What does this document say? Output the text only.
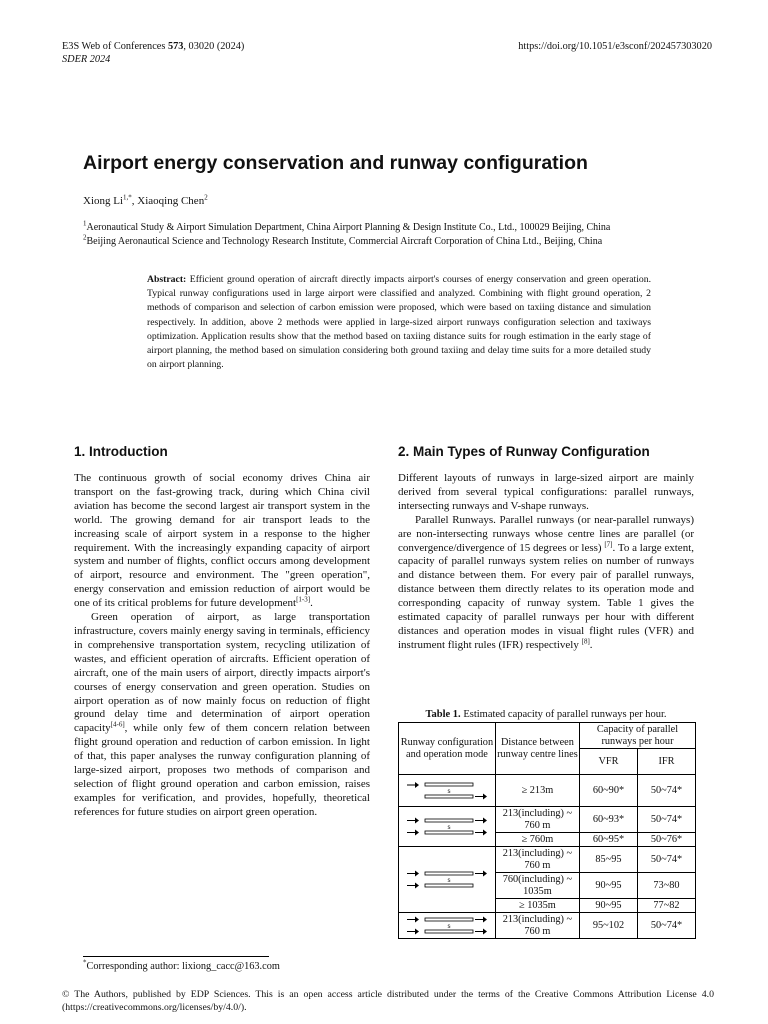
E3S Web of Conferences 573, 03020 (2024)
SDER 2024
https://doi.org/10.1051/e3sconf/202457303020
Airport energy conservation and runway configuration
Xiong $Li^{1,*}$, Xiaoqing Chen$^2$
$^1$Aeronautical Study & Airport Simulation Department, China Airport Planning & Design Institute Co., Ltd., 100029 Beijing, China
$^2$Beijing Aeronautical Science and Technology Research Institute, Commercial Aircraft Corporation of China Ltd., Beijing, China
Abstract: Efficient ground operation of aircraft directly impacts airport's courses of energy conservation and green operation. Typical runway configurations used in large airport were classified and analyzed. Combining with flight ground operation, 2 methods of comparison and selection of carbon emission were proposed, which were based on taxiing distance and simulation respectively. In addition, above 2 methods were applied in large-sized airport runways configuration selection and taxiways optimization. Application results show that the method based on taxiing distance suits for rough estimation in the early stage of airport planning, the method based on simulation considering both ground taxiing and delay time suits for a more detailed study on airport planning.
1. Introduction	2. Main Types of Runway Configuration

The continuous growth of social economy drives China air transport on the fast-growing track, during which China civil aviation has become the second largest air transport system in the world. The growing demand for air transport leads to the increasing scale of airport system in a response to the higher requirement. With the increasingly expanding capacity of airport system and number of flights, conflict occurs among development of airport, resource and environment. The "green operation", energy conservation and emission reduction of airport would be one of its critical problems for future development[1-3].

Green operation of airport, as large transportation infrastructure, covers mainly energy saving in terminals, efficiency in comprehensive transportation system, recycling utilization of wastes, and efficient operation of aircrafts. Efficient operation of aircraft, one of the main users of airport, directly impacts airport's courses of energy conservation and green operation. Studies on airport operation as of now mainly focus on reduction of flight ground delay time and determination of airport operation capacity[4-6], while only few of them concern relation between flight ground operation and reduction of carbon emission. In light of that, this paper analyses the runway configuration planning of large-sized airport, proposes two methods of comparison and selection of flight ground operation and carbon emission, raises examples for verification, and provides, hopefully, theoretical references for future studies on airport green operation.

Different layouts of runways in large-sized airport are mainly derived from several typical configurations: parallel runways, intersecting runways and V-shape runways.

Parallel Runways. Parallel runways (or near-parallel runways) are non-intersecting runways whose centre lines are parallel (or convergence/divergence of 15 degrees or less) [7]. To a large extent, capacity of parallel runways system relies on number of runways and distance between them. For every pair of parallel runways, distance between them directly relates to its operation mode and corresponding capacity of runway system. Table 1 gives the estimated capacity of parallel runways per hour with different distances and operation modes in visual flight rules (VFR) and instrument flight rules (IFR) respectively [8].

Table 1. Estimated capacity of parallel runways per hour.
Runway configuration and operation mode	Distance between runway centre lines	Capacity of parallel runways per hour	
		VFR	IFR

s	≥ 213m	60~90*	50~74*

s	213(including) ~ 760 m	60~93*	50~74*
	≥ 760m	60~95*	50~76*

s	213(including) ~ 760 m	85~95	50~74*
	760(including) ~ 1035m	90~95	73~80
	≥ 1035m	90~95	77~82

s	213(including) ~ 760 m	95~102	50~74*
*Corresponding author: lixiong_cacc@163.com
© The Authors, published by EDP Sciences. This is an open access article distributed under the terms of the Creative Commons Attribution License 4.0 (https://creativecommons.org/licenses/by/4.0/).
